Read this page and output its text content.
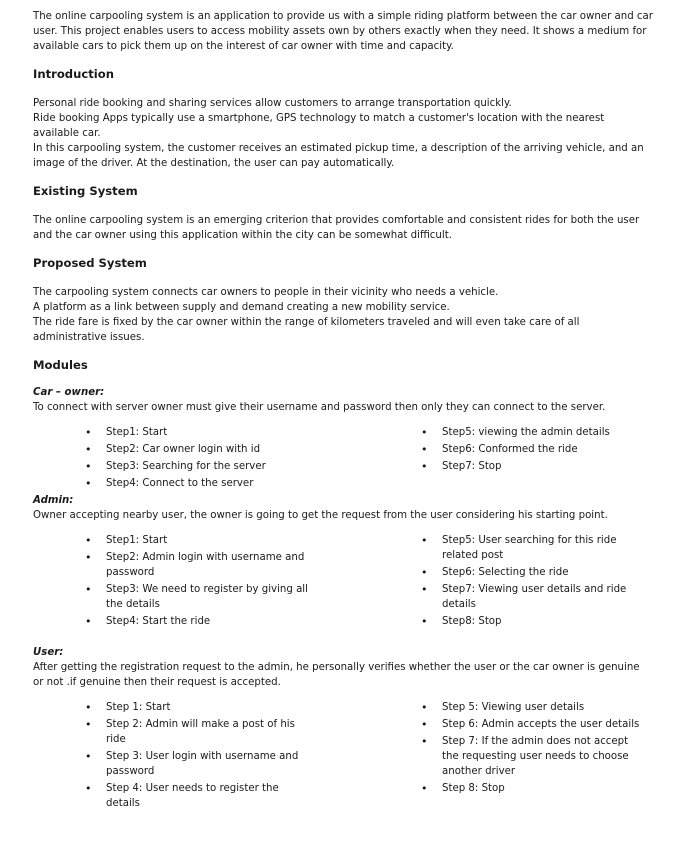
The online carpooling system is an application to provide us with a simple riding platform between the car owner and car user. This project enables users to access mobility assets own by others exactly when they need. It shows a medium for available cars to pick them up on the interest of car owner with time and capacity.

Introduction

Personal ride booking and sharing services allow customers to arrange transportation quickly.

Ride booking Apps typically use a smartphone, GPS technology to match a customer's location with the nearest available car.

In this carpooling system, the customer receives an estimated pickup time, a description of the arriving vehicle, and an image of the driver. At the destination, the user can pay automatically.

Existing System

The online carpooling system is an emerging criterion that provides comfortable and consistent rides for both the user and the car owner using this application within the city can be somewhat difficult.

Proposed System

The carpooling system connects car owners to people in their vicinity who needs a vehicle.

A platform as a link between supply and demand creating a new mobility service.

The ride fare is fixed by the car owner within the range of kilometers traveled and will even take care of all administrative issues.

Modules

Car – owner:

To connect with server owner must give their username and password then only they can connect to the server.

• Step1: Start
• Step2: Car owner login with id
• Step3: Searching for the server
• Step4: Connect to the server
• Step5: viewing the admin details
• Step6: Conformed the ride
• Step7: Stop

Admin:

Owner accepting nearby user, the owner is going to get the request from the user considering his starting point.

• Step1: Start
• Step2: Admin login with username and password
• Step3: We need to register by giving all the details
• Step4: Start the ride
• Step5: User searching for this ride related post
• Step6: Selecting the ride
• Step7: Viewing user details and ride details
• Step8: Stop

User:

After getting the registration request to the admin, he personally verifies whether the user or the car owner is genuine or not .if genuine then their request is accepted.

• Step 1: Start
• Step 2: Admin will make a post of his ride
• Step 3: User login with username and password
• Step 4: User needs to register the details
• Step 5: Viewing user details
• Step 6: Admin accepts the user details
• Step 7: If the admin does not accept the requesting user needs to choose another driver
• Step 8: Stop
